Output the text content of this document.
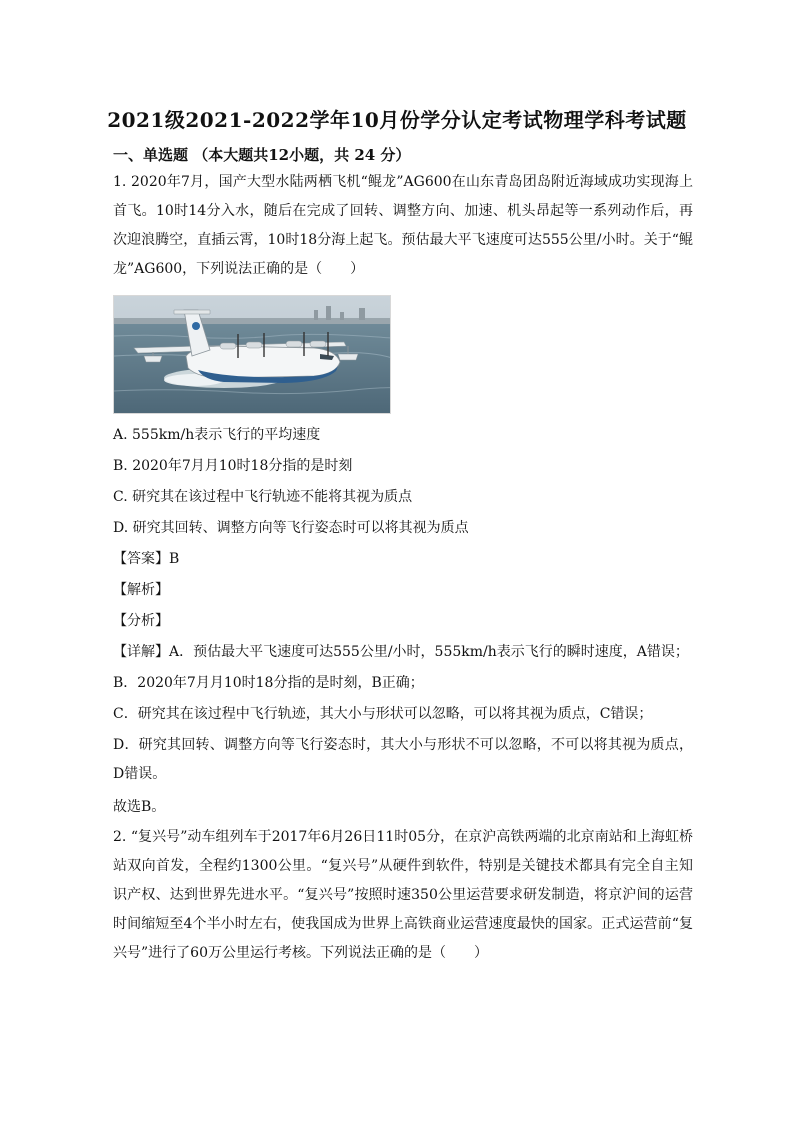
2021级2021-2022学年10月份学分认定考试物理学科考试题
一、单选题 （本大题共12小题，共 24 分）
1. 2020年7月，国产大型水陆两栖飞机“鲲龙”AG600在山东青岛团岛附近海域成功实现海上首飞。10时14分入水，随后在完成了回转、调整方向、加速、机头昂起等一系列动作后，再次迎浪腾空，直插云霄，10时18分海上起飞。预估最大平飞速度可达555公里/小时。关于“鲲龙”AG600，下列说法正确的是（　　）
A. 555km/h表示飞行的平均速度
B. 2020年7月月10时18分指的是时刻
C. 研究其在该过程中飞行轨迹不能将其视为质点
D. 研究其回转、调整方向等飞行姿态时可以将其视为质点
【答案】B
【解析】
【分析】
【详解】A．预估最大平飞速度可达555公里/小时，555km/h表示飞行的瞬时速度，A错误；
B．2020年7月月10时18分指的是时刻，B正确；
C．研究其在该过程中飞行轨迹，其大小与形状可以忽略，可以将其视为质点，C错误；
D．研究其回转、调整方向等飞行姿态时，其大小与形状不可以忽略，不可以将其视为质点，D错误。
故选B。
2. “复兴号”动车组列车于2017年6月26日11时05分，在京沪高铁两端的北京南站和上海虹桥站双向首发，全程约1300公里。“复兴号”从硬件到软件，特别是关键技术都具有完全自主知识产权、达到世界先进水平。“复兴号”按照时速350公里运营要求研发制造，将京沪间的运营时间缩短至4个半小时左右，使我国成为世界上高铁商业运营速度最快的国家。正式运营前“复兴号”进行了60万公里运行考核。下列说法正确的是（　　）
